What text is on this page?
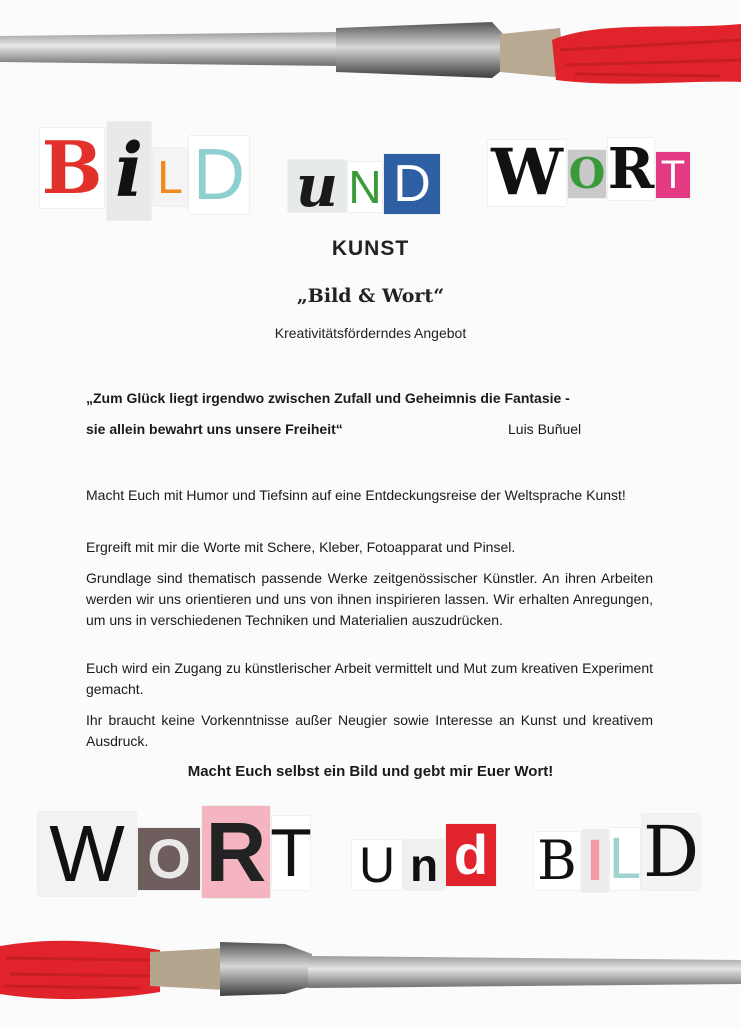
B i L D u N D W O R T
KUNST
„Bild & Wort“
Kreativitätsförderndes Angebot
„Zum Glück liegt irgendwo zwischen Zufall und Geheimnis die Fantasie -
sie allein bewahrt uns unsere Freiheit“	Luis Buñuel

Macht Euch mit Humor und Tiefsinn auf eine Entdeckungsreise der Weltsprache Kunst!

Ergreift mit mir die Worte mit Schere, Kleber, Fotoapparat und Pinsel.

Grundlage sind thematisch passende Werke zeitgenössischer Künstler. An ihren Arbeiten werden wir uns orientieren und uns von ihnen inspirieren lassen. Wir erhalten Anregungen, um uns in verschiedenen Techniken und Materialien auszudrücken.

Euch wird ein Zugang zu künstlerischer Arbeit vermittelt und Mut zum kreativen Experiment gemacht.

Ihr braucht keine Vorkenntnisse außer Neugier sowie Interesse an Kunst und kreativem Ausdruck.

Macht Euch selbst ein Bild und gebt mir Euer Wort!
W O R T U n d B I L D
